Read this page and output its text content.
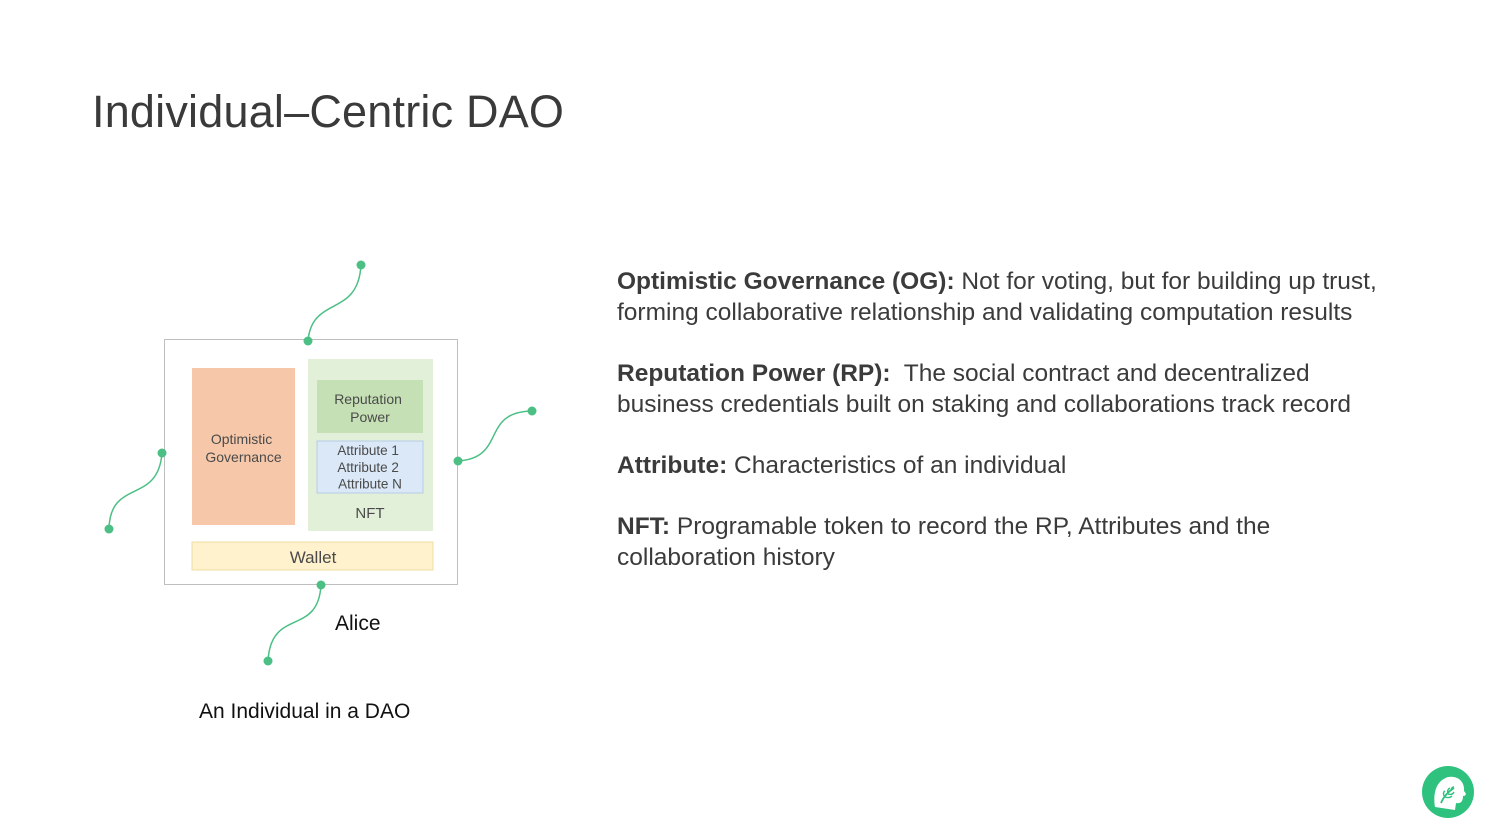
Individual–Centric DAO
Optimistic Governance
Reputation Power
Attribute 1 Attribute 2 Attribute N
NFT
Wallet
Alice
An Individual in a DAO

Optimistic Governance (OG): Not for voting, but for building up trust, forming collaborative relationship and validating computation results

Reputation Power (RP):  The social contract and decentralized business credentials built on staking and collaborations track record

Attribute: Characteristics of an individual

NFT: Programable token to record the RP, Attributes and the collaboration history
